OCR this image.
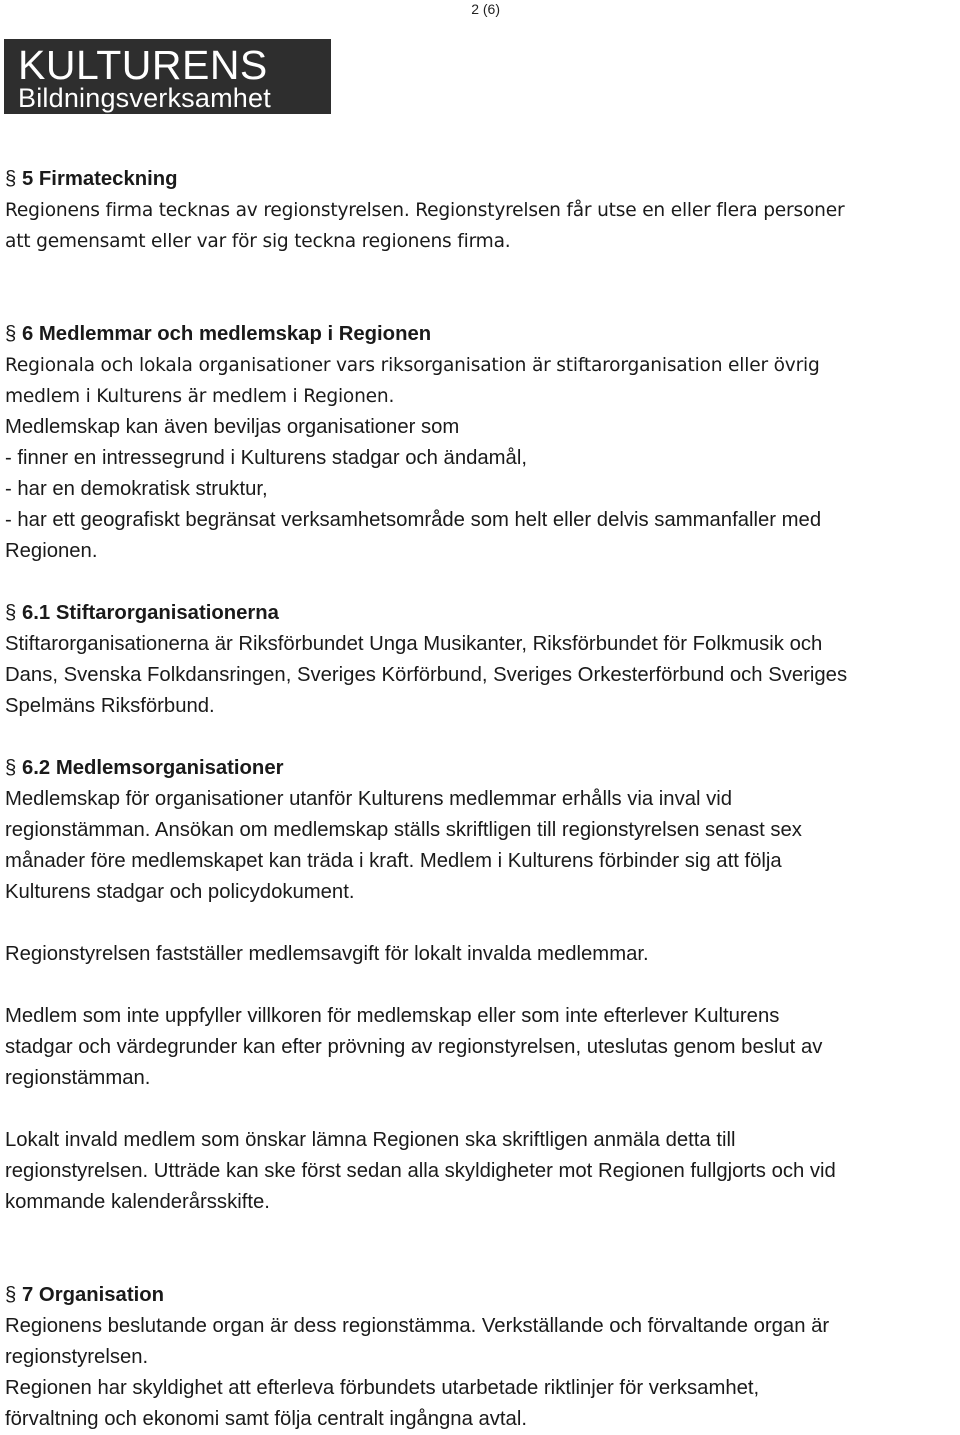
2 (6)
KULTURENS
Bildningsverksamhet
§ 5 Firmateckning
Regionens firma tecknas av regionstyrelsen. Regionstyrelsen får utse en eller flera personer
att gemensamt eller var för sig teckna regionens firma.
§ 6 Medlemmar och medlemskap i Regionen
Regionala och lokala organisationer vars riksorganisation är stiftarorganisation eller övrig
medlem i Kulturens är medlem i Regionen.
Medlemskap kan även beviljas organisationer som
- finner en intressegrund i Kulturens stadgar och ändamål,
- har en demokratisk struktur,
- har ett geografiskt begränsat verksamhetsområde som helt eller delvis sammanfaller med
Regionen.
§ 6.1 Stiftarorganisationerna
Stiftarorganisationerna är Riksförbundet Unga Musikanter, Riksförbundet för Folkmusik och
Dans, Svenska Folkdansringen, Sveriges Körförbund, Sveriges Orkesterförbund och Sveriges
Spelmäns Riksförbund.
§ 6.2 Medlemsorganisationer
Medlemskap för organisationer utanför Kulturens medlemmar erhålls via inval vid
regionstämman. Ansökan om medlemskap ställs skriftligen till regionstyrelsen senast sex
månader före medlemskapet kan träda i kraft. Medlem i Kulturens förbinder sig att följa
Kulturens stadgar och policydokument.
Regionstyrelsen fastställer medlemsavgift för lokalt invalda medlemmar.
Medlem som inte uppfyller villkoren för medlemskap eller som inte efterlever Kulturens
stadgar och värdegrunder kan efter prövning av regionstyrelsen, uteslutas genom beslut av
regionstämman.
Lokalt invald medlem som önskar lämna Regionen ska skriftligen anmäla detta till
regionstyrelsen. Utträde kan ske först sedan alla skyldigheter mot Regionen fullgjorts och vid
kommande kalenderårsskifte.
§ 7 Organisation
Regionens beslutande organ är dess regionstämma. Verkställande och förvaltande organ är
regionstyrelsen.
Regionen har skyldighet att efterleva förbundets utarbetade riktlinjer för verksamhet,
förvaltning och ekonomi samt följa centralt ingångna avtal.
